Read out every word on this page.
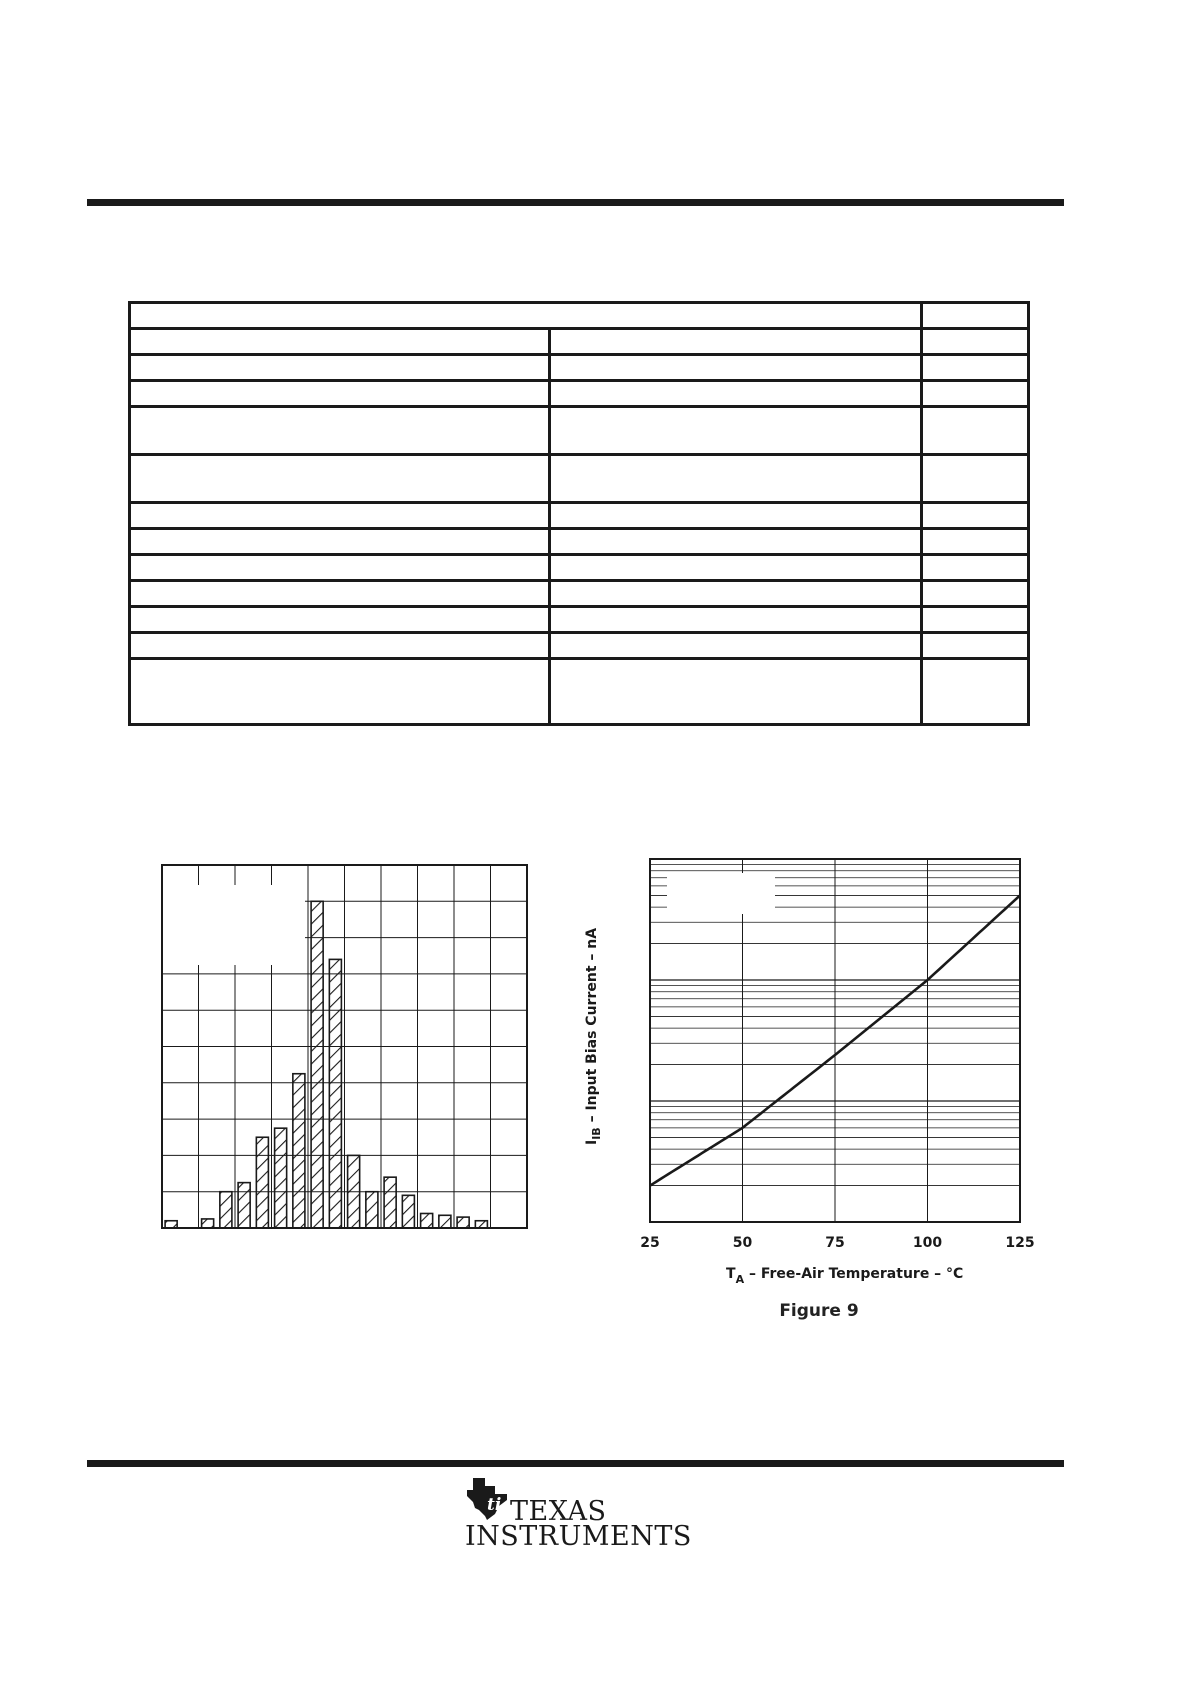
25	50	75	100	125
$I_{IB}$ – Input Bias Current – nA
$T_A$ – Free-Air Temperature – °C
Figure 9
ti TEXAS
INSTRUMENTS
